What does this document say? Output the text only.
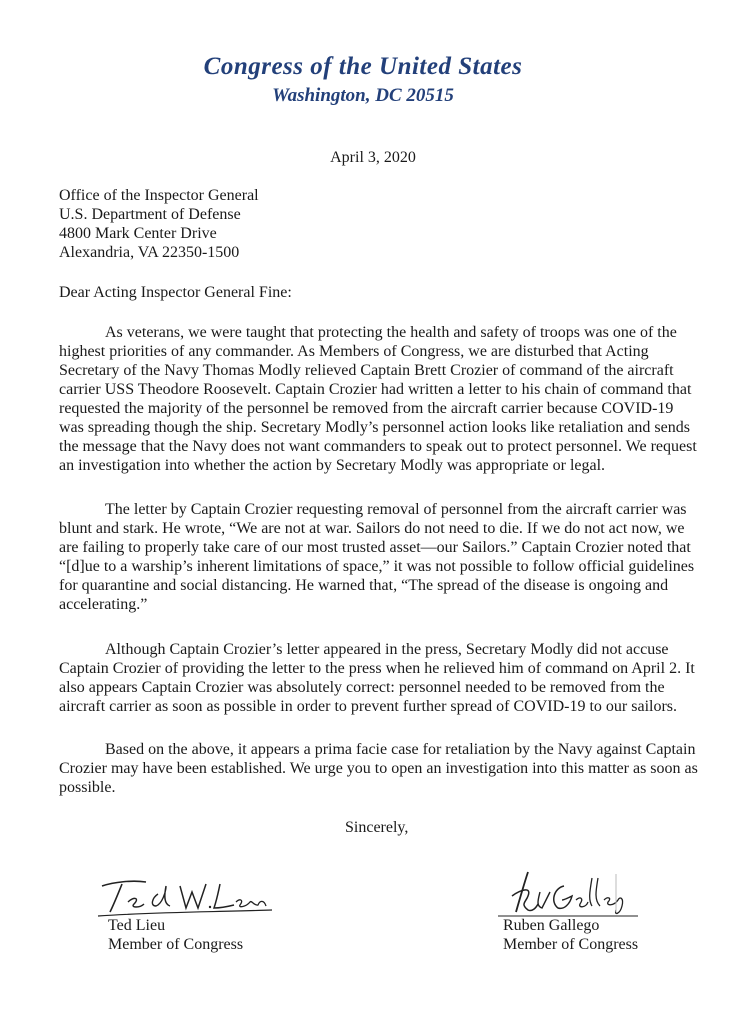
Congress of the United States
Washington, DC 20515
April 3, 2020
Office of the Inspector General
U.S. Department of Defense
4800 Mark Center Drive
Alexandria, VA 22350-1500
Dear Acting Inspector General Fine:

As veterans, we were taught that protecting the health and safety of troops was one of the highest priorities of any commander. As Members of Congress, we are disturbed that Acting Secretary of the Navy Thomas Modly relieved Captain Brett Crozier of command of the aircraft carrier USS Theodore Roosevelt. Captain Crozier had written a letter to his chain of command that requested the majority of the personnel be removed from the aircraft carrier because COVID-19 was spreading though the ship. Secretary Modly’s personnel action looks like retaliation and sends the message that the Navy does not want commanders to speak out to protect personnel. We request an investigation into whether the action by Secretary Modly was appropriate or legal.

The letter by Captain Crozier requesting removal of personnel from the aircraft carrier was blunt and stark. He wrote, “We are not at war. Sailors do not need to die. If we do not act now, we are failing to properly take care of our most trusted asset—our Sailors.” Captain Crozier noted that “[d]ue to a warship’s inherent limitations of space,” it was not possible to follow official guidelines for quarantine and social distancing. He warned that, “The spread of the disease is ongoing and accelerating.”

Although Captain Crozier’s letter appeared in the press, Secretary Modly did not accuse Captain Crozier of providing the letter to the press when he relieved him of command on April 2. It also appears Captain Crozier was absolutely correct: personnel needed to be removed from the aircraft carrier as soon as possible in order to prevent further spread of COVID-19 to our sailors.

Based on the above, it appears a prima facie case for retaliation by the Navy against Captain Crozier may have been established. We urge you to open an investigation into this matter as soon as possible.

Sincerely,
Ted Lieu
Member of Congress
Ruben Gallego
Member of Congress
